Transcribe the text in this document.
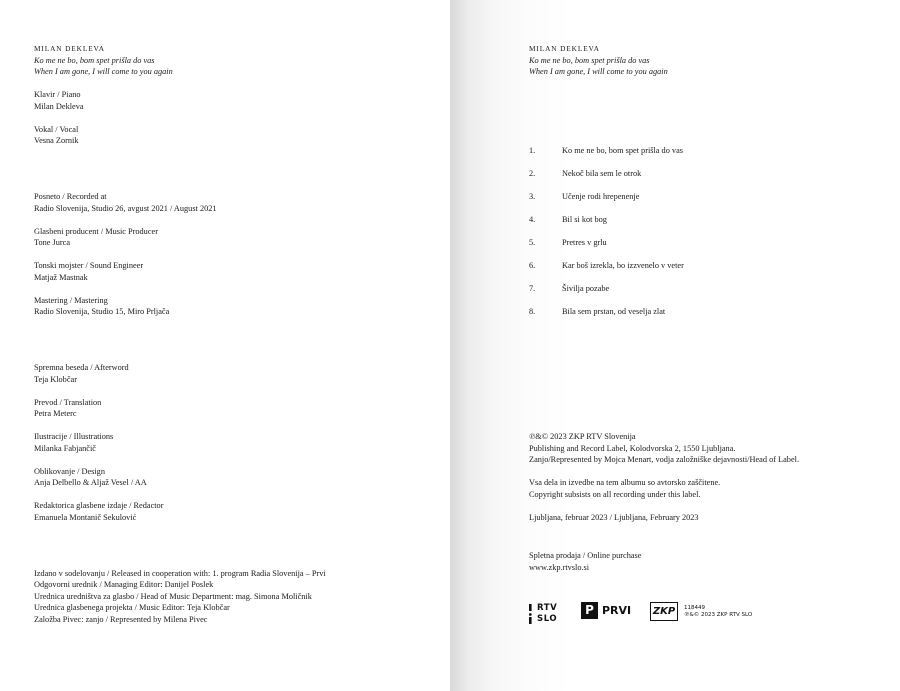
MILAN DEKLEVA
Ko me ne bo, bom spet prišla do vas
When I am gone, I will come to you again
Klavir / Piano
Milan Dekleva
Vokal / Vocal
Vesna Zornik
Posneto / Recorded at
Radio Slovenija, Studio 26, avgust 2021 / August 2021
Glasbeni producent / Music Producer
Tone Jurca
Tonski mojster / Sound Engineer
Matjaž Mastnak
Mastering / Mastering
Radio Slovenija, Studio 15, Miro Prljača
Spremna beseda / Afterword
Teja Klobčar
Prevod / Translation
Petra Meterc
Ilustracije / Illustrations
Milanka Fabjančič
Oblikovanje / Design
Anja Delbello & Aljaž Vesel / AA
Redaktorica glasbene izdaje / Redactor
Emanuela Montanič Sekulović
Izdano v sodelovanju / Released in cooperation with: 1. program Radia Slovenija – Prvi
Odgovorni urednik / Managing Editor: Danijel Poslek
Urednica uredništva za glasbo / Head of Music Department: mag. Simona Moličnik
Urednica glasbenega projekta / Music Editor: Teja Klobčar
Založba Pivec: zanjo / Represented by Milena Pivec
MILAN DEKLEVA
Ko me ne bo, bom spet prišla do vas
When I am gone, I will come to you again
1.	Ko me ne bo, bom spet prišla do vas
2.	Nekoč bila sem le otrok
3.	Učenje rodi hrepenenje
4.	Bil si kot bog
5.	Pretres v grlu
6.	Kar boš izrekla, bo izzvenelo v veter
7.	Šivilja pozabe
8.	Bila sem prstan, od veselja zlat
℗&© 2023 ZKP RTV Slovenija
Publishing and Record Label, Kolodvorska 2, 1550 Ljubljana.
Zanjo/Represented by Mojca Menart, vodja založniške dejavnosti/Head of Label.
Vsa dela in izvedbe na tem albumu so avtorsko zaščitene.
Copyright subsists on all recording under this label.
Ljubljana, februar 2023 / Ljubljana, February 2023
Spletna prodaja / Online purchase
www.zkp.rtvslo.si
RTV
SLO
P PRVI ZKP	118449
℗&© 2023 ZKP RTV SLO
